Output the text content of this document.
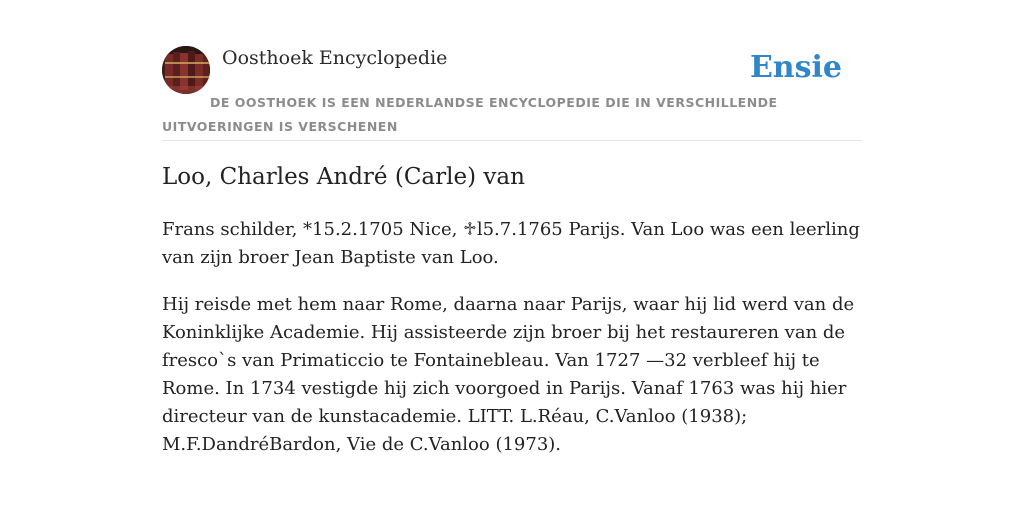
Oosthoek Encyclopedie	Ensie
DE OOSTHOEK IS EEN NEDERLANDSE ENCYCLOPEDIE DIE IN VERSCHILLENDE UITVOERINGEN IS VERSCHENEN
Loo, Charles André (Carle) van

Frans schilder, *15.2.1705 Nice, ♱l5.7.1765 Parijs. Van Loo was een leerling van zijn broer Jean Baptiste van Loo.

Hij reisde met hem naar Rome, daarna naar Parijs, waar hij lid werd van de Koninklijke Academie. Hij assisteerde zijn broer bij het restaureren van de fresco`s van Primaticcio te Fontainebleau. Van 1727 —32 verbleef hij te Rome. In 1734 vestigde hij zich voorgoed in Parijs. Vanaf 1763 was hij hier directeur van de kunstacademie. LITT. L.Réau, C.Vanloo (1938); M.F.DandréBardon, Vie de C.Vanloo (1973).
